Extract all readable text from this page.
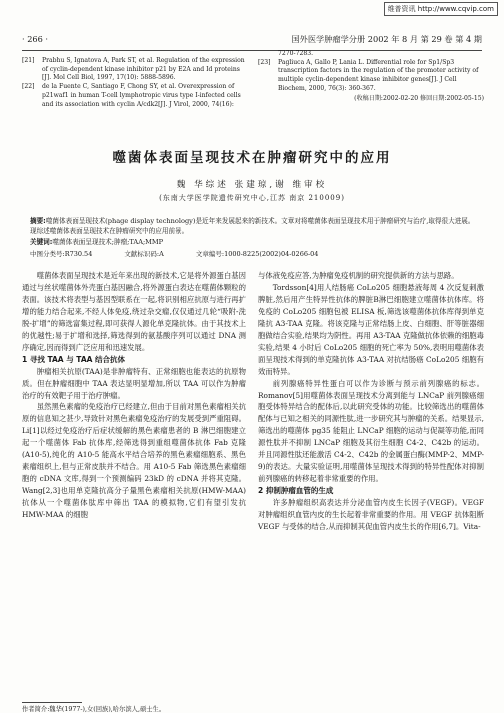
维普资讯 http://www.cqvip.com
· 266 ·	国外医学肿瘤学分册 2002 年 8 月 第 29 卷 第 4 期
[21] Prabhu S, Ignatova A, Park ST, et al. Regulation of the expression of cyclin-dependent kinase inhibitor p21 by E2A and Id proteins [J]. Mol Cell Biol, 1997, 17(10): 5888-5896.
[22] de la Fuente C, Santiago F, Chong SY, et al. Overexpression of p21waf1 in human T-cell lymphotropic virus type I-infected cells and its association with cyclin A/cdk2[J]. J Virol, 2000, 74(16):
7270-7283.
[23] Pagliuca A, Gallo P, Lania L. Differential role for Sp1/Sp3 transcription factors in the regulation of the promoter activity of multiple cyclin-dependent kinase inhibitor genes[J]. J Cell Biochem, 2000, 76(3): 360-367.
(收稿日期:2002-02-20 修回日期:2002-05-15)
噬菌体表面呈现技术在肿瘤研究中的应用
魏 华综述 张建琼,谢 维审校
(东南大学医学院遗传研究中心,江苏 南京 210009)
摘要:噬菌体表面呈现技术(phage display technology)是近年来发展起来的新技术。文章对将噬菌体表面呈现技术用于肿瘤研究与治疗,取得很大进展。现综述噬菌体表面呈现技术在肿瘤研究中的应用前景。
关键词:噬菌体表面呈现技术;肿瘤;TAA;MMP
中图分类号:R730.54	文献标识码:A	文章编号:1000-8225(2002)04-0266-04

噬菌体表面呈现技术是近年来出现的新技术,它是将外源蛋白基因通过与丝状噬菌体外壳蛋白基因融合,将外源蛋白表达在噬菌体颗粒的表面。该技术将表型与基因型联系在一起,将识别相应抗原与进行再扩增的能力结合起来,不经人体免疫,绕过杂交瘤,仅仅通过几轮“吸附-洗脱-扩增”的筛选富集过程,即可获得人源化单克隆抗体。由于其技术上的优越性;易于扩增和选择,筛选得到的氨基酸序列可以通过 DNA 测序确定,因而得到广泛应用和迅速发展。

1 寻找 TAA 与 TAA 结合抗体

肿瘤相关抗原(TAA)是非肿瘤特有、正常细胞也能表达的抗原物质。但在肿瘤细胞中 TAA 表达显明显增加,所以 TAA 可以作为肿瘤治疗的有效靶子用于治疗肿瘤。

虽然黑色素瘤的免疫治疗已经建立,但由于目前对黑色素瘤相关抗原的信息知之甚少,导致针对黑色素瘤免疫治疗的发展受到严重阻碍。Li[1]以经过免疫治疗后症状缓解的黑色素瘤患者的 B 淋巴细胞建立起一个噬菌体 Fab 抗体库,经筛选得到重组噬菌体抗体 Fab 克隆(A10-5),纯化的 A10-5 能高水平结合培养的黑色素瘤细胞系、黑色素瘤组织上,但与正常皮肤并不结合。用 A10-5 Fab 筛选黑色素瘤细胞的 cDNA 文库,得到一个预测编码 23kD 的 cDNA 并将其克隆。Wang[2,3]也用单克隆抗高分子量黑色素瘤相关抗原(HMW-MAA)抗体从一个噬菌体肽库中筛出 TAA 的模拟物,它们有望引发抗 HMW-MAA 的细胞

与体液免疫应答,为肿瘤免疫机制的研究提供新的方法与思路。

Tordsson[4]用人结肠癌 CoLo205 细胞悬液每周 4 次反复刺激脾脏,然后用产生特异性抗体的脾脏B淋巴细胞建立噬菌体抗体库。将免疫的 CoLo205 细胞包被 ELISA 板,筛选该噬菌体抗体库得到单克隆抗 A3-TAA 克隆。将该克隆与正常结肠上皮、白细胞、肝等脏器细胞做结合实验,结果均为阴性。再用 A3-TAA 克隆做抗体依赖的细胞毒实验,结果 4 小时后 CoLo205 细胞的死亡率为 50%,表明用噬菌体表面呈现技术得到的单克隆抗体 A3-TAA 对抗结肠癌 CoLo205 细胞有效而特异。

前列腺癌特异性蛋白可以作为诊断与预示前列腺癌的标志。Romanov[5]用噬菌体表面呈现技术分离到能与 LNCaP 前列腺癌细胞受体特异结合的配体后,以此研究受体的功能。比较筛选出的噬菌体配体与已知之相关的同源性肽,进一步研究其与肿瘤的关系。结果显示,筛选出的噬菌体 pg35 能阻止 LNCaP 细胞的运动与促凝等功能,而同源性肽并不抑制 LNCaP 细胞及其衍生细胞 C4-2、C42b 的运动。并且同源性肽还能激活 C4-2、C42b 的金属蛋白酶(MMP-2、MMP-9)的表达。大量实验证明,用噬菌体呈现技术得到的特异性配体对抑制前列腺癌的转移起着非常重要的作用。

2 抑制肿瘤血管的生成

许多肿瘤组织高表达并分泌血管内皮生长因子(VEGF)。VEGF 对肿瘤组织血管内皮的生长起着非常重要的作用。用 VEGF 抗体阻断 VEGF 与受体的结合,从而抑制其促血管内皮生长的作用[6,7]。Vita-

作者简介:魏华(1977-),女(回族),哈尔滨人,硕士生。
